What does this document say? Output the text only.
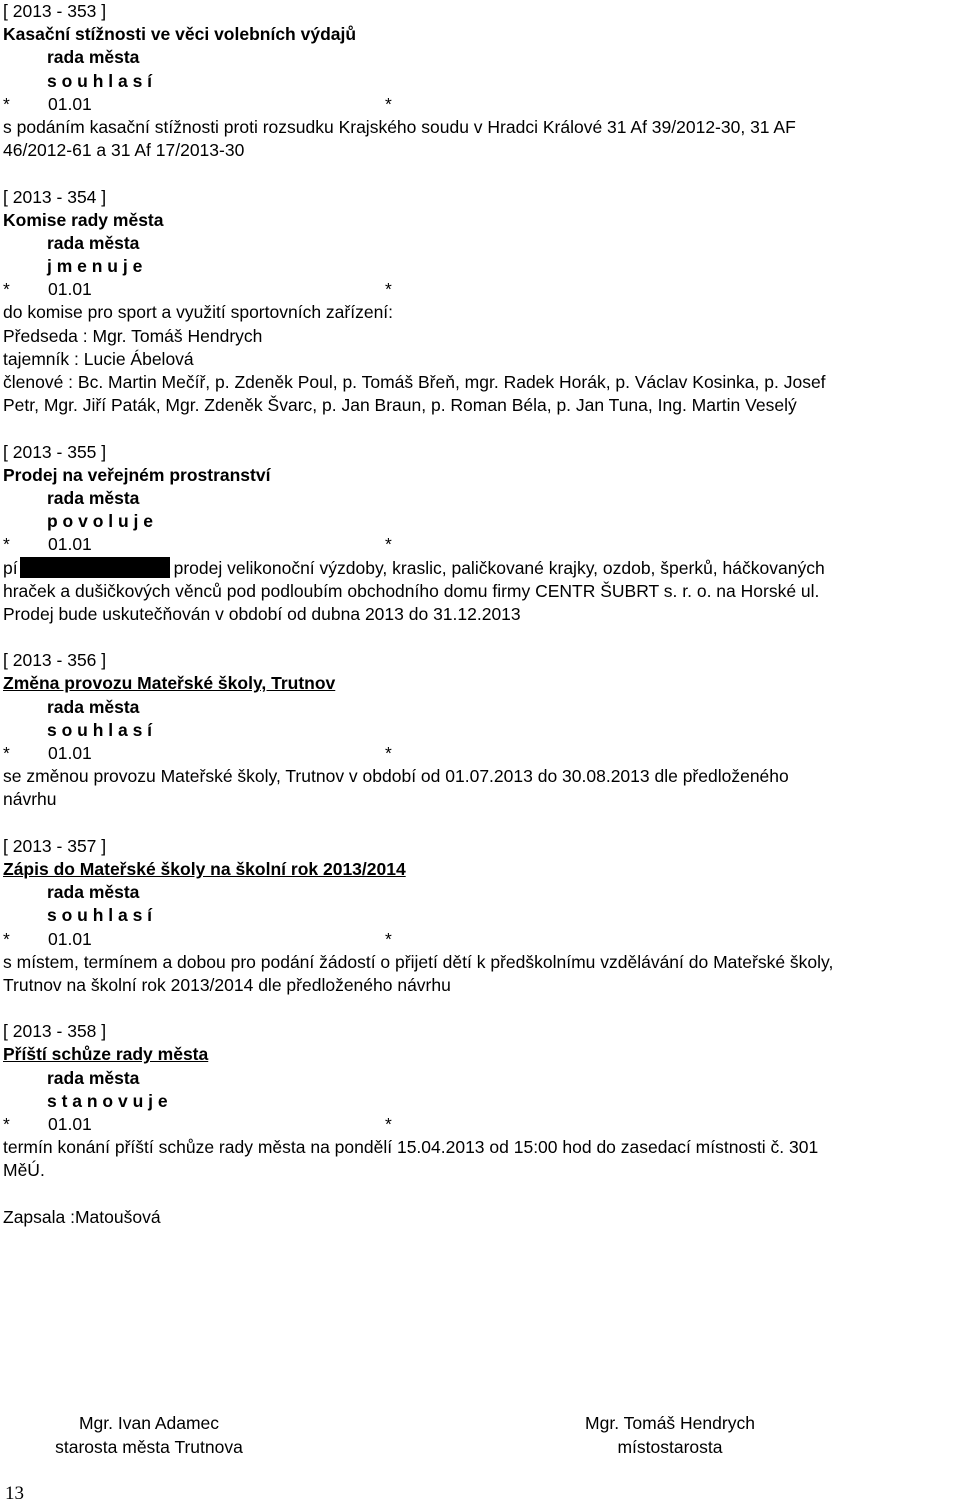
[ 2013 - 353 ]
Kasační stížnosti ve věci volebních výdajů
rada města
s o u h l a s í
* 01.01	*
s podáním kasační stížnosti proti rozsudku Krajského soudu v Hradci Králové 31 Af 39/2012-30, 31 AF
46/2012-61 a 31 Af 17/2013-30
[ 2013 - 354 ]
Komise rady města
rada města
j m e n u j e
* 01.01	*
do komise pro sport a využití sportovních zařízení:
Předseda : Mgr. Tomáš Hendrych
tajemník : Lucie Ábelová
členové : Bc. Martin Mečíř, p. Zdeněk Poul, p. Tomáš Břeň, mgr. Radek Horák, p. Václav Kosinka, p. Josef
Petr, Mgr. Jiří Paták, Mgr. Zdeněk Švarc, p. Jan Braun, p. Roman Béla, p. Jan Tuna, Ing. Martin Veselý
[ 2013 - 355 ]
Prodej na veřejném prostranství
rada města
p o v o l u j e
* 01.01	*
pí	prodej velikonoční výzdoby, kraslic, paličkované krajky, ozdob, šperků, háčkovaných
hraček a dušičkových věnců pod podloubím obchodního domu firmy CENTR ŠUBRT s. r. o. na Horské ul.
Prodej bude uskutečňován v období od dubna 2013 do 31.12.2013
[ 2013 - 356 ]
Změna provozu Mateřské školy, Trutnov
rada města
s o u h l a s í
* 01.01	*
se změnou provozu Mateřské školy, Trutnov v období od 01.07.2013 do 30.08.2013 dle předloženého
návrhu
[ 2013 - 357 ]
Zápis do Mateřské školy na školní rok 2013/2014
rada města
s o u h l a s í
* 01.01	*
s místem, termínem a dobou pro podání žádostí o přijetí dětí k předškolnímu vzdělávání do Mateřské školy,
Trutnov na školní rok 2013/2014 dle předloženého návrhu
[ 2013 - 358 ]
Příští schůze rady města
rada města
s t a n o v u j e
* 01.01	*
termín konání příští schůze rady města na pondělí 15.04.2013 od 15:00 hod do zasedací místnosti č. 301
MěÚ.
Zapsala :Matoušová
Mgr. Ivan Adamec
starosta města Trutnova
Mgr. Tomáš Hendrych
místostarosta
13
